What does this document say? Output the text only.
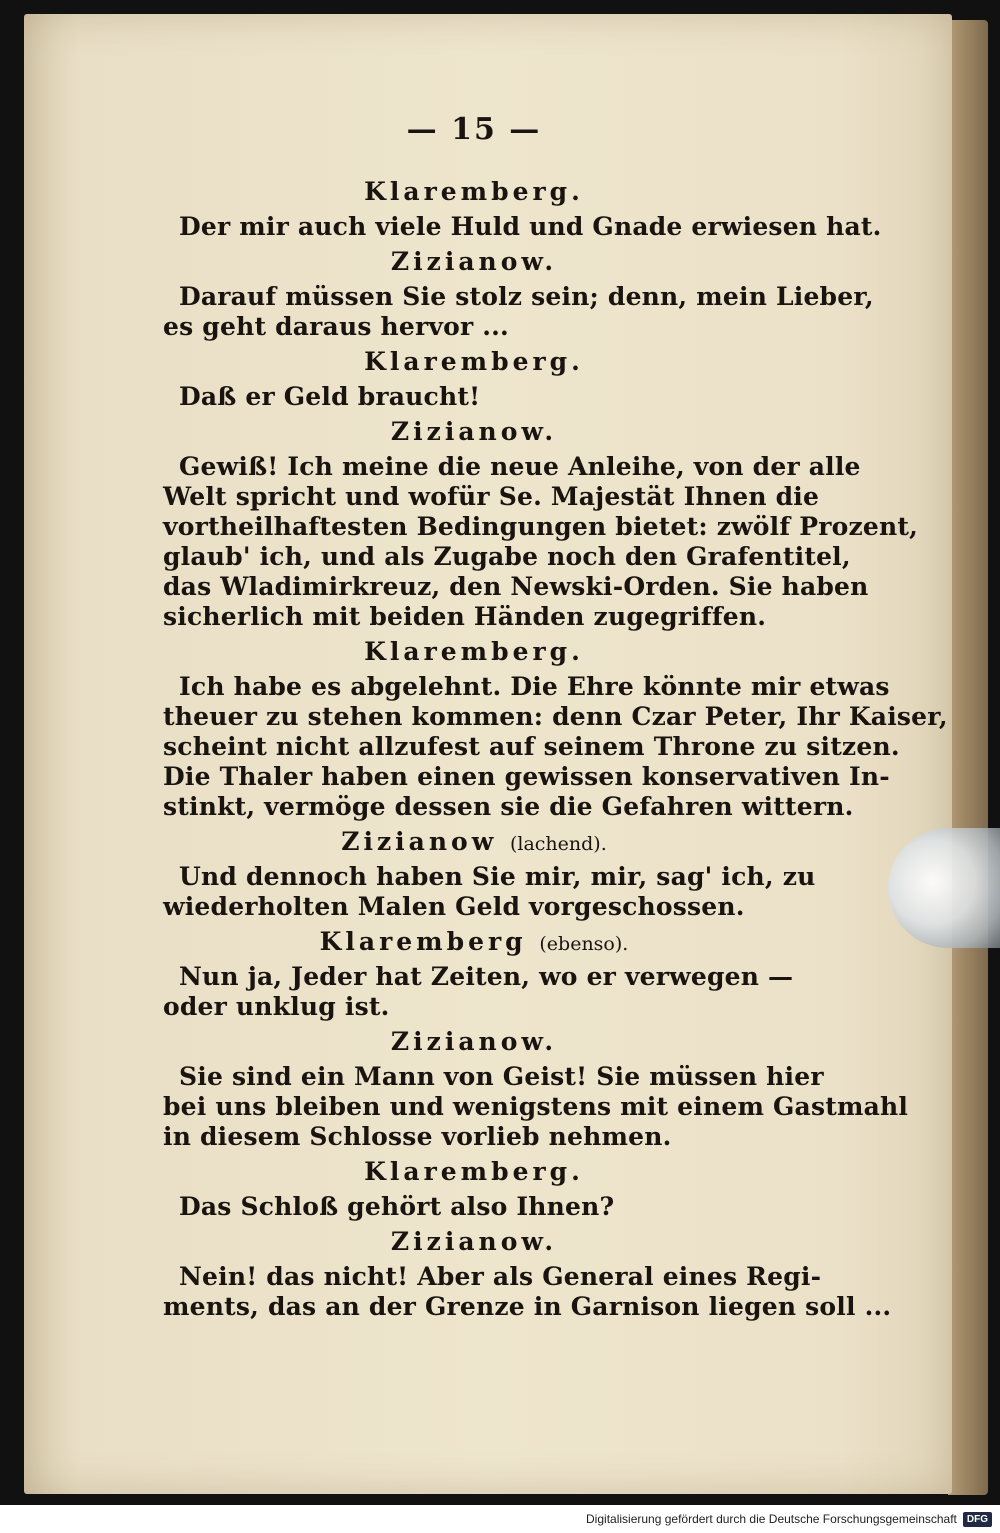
— 15 —
Klaremberg.
Der mir auch viele Huld und Gnade erwiesen hat.
Zizianow.
Darauf müssen Sie stolz sein; denn, mein Lieber,
es geht daraus hervor ...
Klaremberg.
Daß er Geld braucht!
Zizianow.
Gewiß! Ich meine die neue Anleihe, von der alle
Welt spricht und wofür Se. Majestät Ihnen die
vortheilhaftesten Bedingungen bietet: zwölf Prozent,
glaub' ich, und als Zugabe noch den Grafentitel,
das Wladimirkreuz, den Newski-Orden. Sie haben
sicherlich mit beiden Händen zugegriffen.
Klaremberg.
Ich habe es abgelehnt. Die Ehre könnte mir etwas
theuer zu stehen kommen: denn Czar Peter, Ihr Kaiser,
scheint nicht allzufest auf seinem Throne zu sitzen.
Die Thaler haben einen gewissen konservativen In-
stinkt, vermöge dessen sie die Gefahren wittern.
Zizianow (lachend).
Und dennoch haben Sie mir, mir, sag' ich, zu
wiederholten Malen Geld vorgeschossen.
Klaremberg (ebenso).
Nun ja, Jeder hat Zeiten, wo er verwegen —
oder unklug ist.
Zizianow.
Sie sind ein Mann von Geist! Sie müssen hier
bei uns bleiben und wenigstens mit einem Gastmahl
in diesem Schlosse vorlieb nehmen.
Klaremberg.
Das Schloß gehört also Ihnen?
Zizianow.
Nein! das nicht! Aber als General eines Regi-
ments, das an der Grenze in Garnison liegen soll ...
Digitalisierung gefördert durch die Deutsche Forschungsgemeinschaft	DFG
